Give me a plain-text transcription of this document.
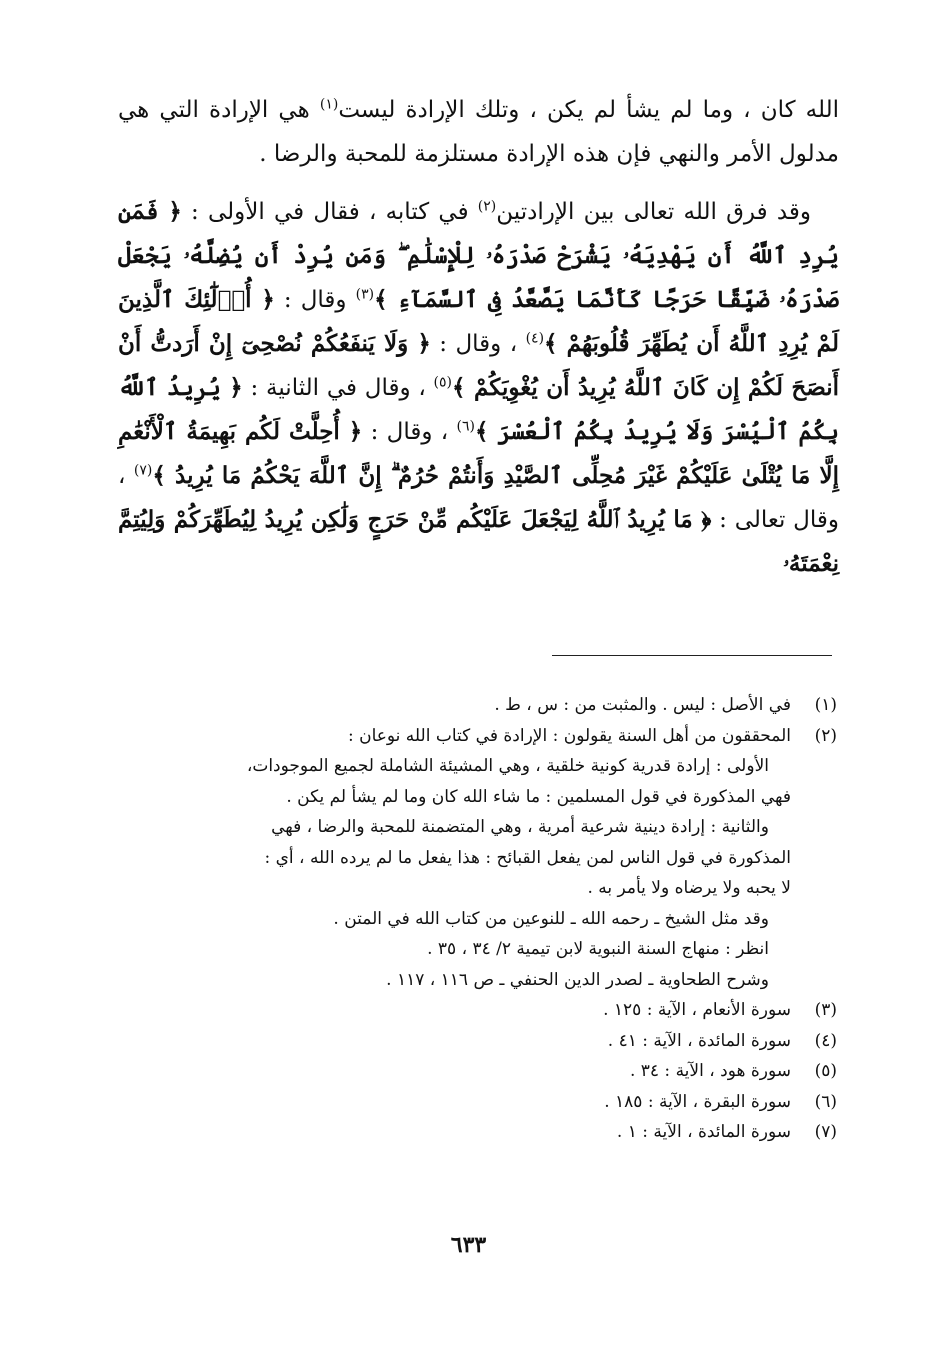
الله كان ، وما لم يشأ لم يكن ، وتلك الإرادة ليست$^{(١)}$ هي الإرادة التي هي مدلول الأمر والنهي فإن هذه الإرادة مستلزمة للمحبة والرضا .

وقد فرق الله تعالى بين الإرادتين$^{(٢)}$ في كتابه ، فقال في الأولى : ﴿ فَمَن يُرِدِ ٱللَّهُ أَن يَهْدِيَهُۥ يَشْرَحْ صَدْرَهُۥ لِلْإِسْلَٰمِ ۖ وَمَن يُرِدْ أَن يُضِلَّهُۥ يَجْعَلْ صَدْرَهُۥ ضَيِّقًا حَرَجًا كَأَنَّمَا يَصَّعَّدُ فِى ٱلسَّمَآءِ ﴾$^{(٣)}$ وقال : ﴿ أُو۟لَٰٓئِكَ ٱلَّذِينَ لَمْ يُرِدِ ٱللَّهُ أَن يُطَهِّرَ قُلُوبَهُمْ ﴾$^{(٤)}$ ، وقال : ﴿ وَلَا يَنفَعُكُمْ نُصْحِىٓ إِنْ أَرَدتُّ أَنْ أَنصَحَ لَكُمْ إِن كَانَ ٱللَّهُ يُرِيدُ أَن يُغْوِيَكُمْ ﴾$^{(٥)}$ ، وقال في الثانية : ﴿ يُرِيدُ ٱللَّهُ بِكُمُ ٱلْيُسْرَ وَلَا يُرِيدُ بِكُمُ ٱلْعُسْرَ ﴾$^{(٦)}$ ، وقال : ﴿ أُحِلَّتْ لَكُم بَهِيمَةُ ٱلْأَنْعَٰمِ إِلَّا مَا يُتْلَىٰ عَلَيْكُمْ غَيْرَ مُحِلِّى ٱلصَّيْدِ وَأَنتُمْ حُرُمٌ ۗ إِنَّ ٱللَّهَ يَحْكُمُ مَا يُرِيدُ ﴾$^{(٧)}$ ، وقال تعالى : ﴿ مَا يُرِيدُ ٱللَّهُ لِيَجْعَلَ عَلَيْكُم مِّنْ حَرَجٍ وَلَٰكِن يُرِيدُ لِيُطَهِّرَكُمْ وَلِيُتِمَّ نِعْمَتَهُۥ

(١)
في الأصل : ليس . والمثبت من : س ، ط .
(٢)
المحققون من أهل السنة يقولون : الإرادة في كتاب الله نوعان :
الأولى : إرادة قدرية كونية خلقية ، وهي المشيئة الشاملة لجميع الموجودات،
فهي المذكورة في قول المسلمين : ما شاء الله كان وما لم يشأ لم يكن .
والثانية : إرادة دينية شرعية أمرية ، وهي المتضمنة للمحبة والرضا ، فهي
المذكورة في قول الناس لمن يفعل القبائح : هذا يفعل ما لم يرده الله ، أي :
لا يحبه ولا يرضاه ولا يأمر به .
وقد مثل الشيخ ـ رحمه الله ـ للنوعين من كتاب الله في المتن .
انظر : منهاج السنة النبوية لابن تيمية ٢/ ٣٤ ، ٣٥ .
وشرح الطحاوية ـ لصدر الدين الحنفي ـ ص ١١٦ ، ١١٧ .
(٣)
سورة الأنعام ، الآية : ١٢٥ .
(٤)
سورة المائدة ، الآية : ٤١ .
(٥)
سورة هود ، الآية : ٣٤ .
(٦)
سورة البقرة ، الآية : ١٨٥ .
(٧)
سورة المائدة ، الآية : ١ .
٦٣٣
